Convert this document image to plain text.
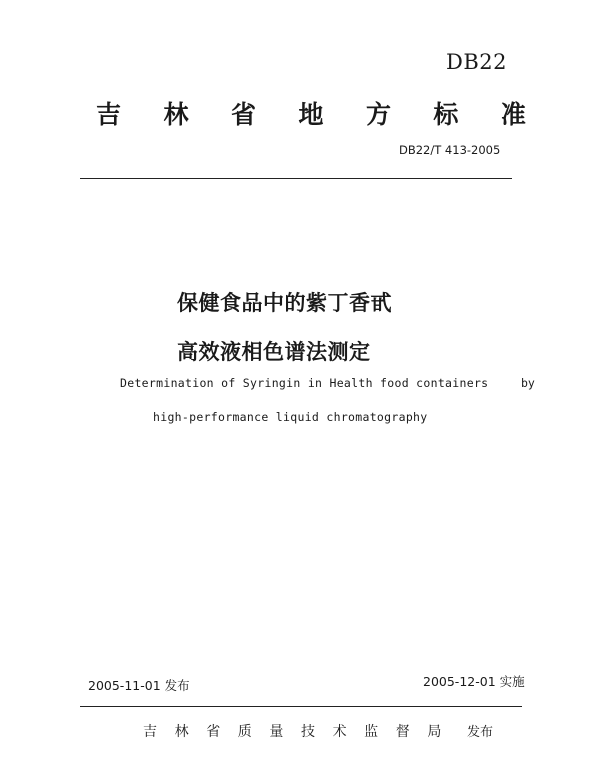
DB22
吉 林 省 地 方 标 准
DB22/T 413-2005
保健食品中的紫丁香甙
高效液相色谱法测定
Determination of Syringin in Health food containers	by
high-performance liquid chromatography
2005-11-01 发布	2005-12-01 实施
吉 林 省 质 量 技 术 监 督 局 发布
